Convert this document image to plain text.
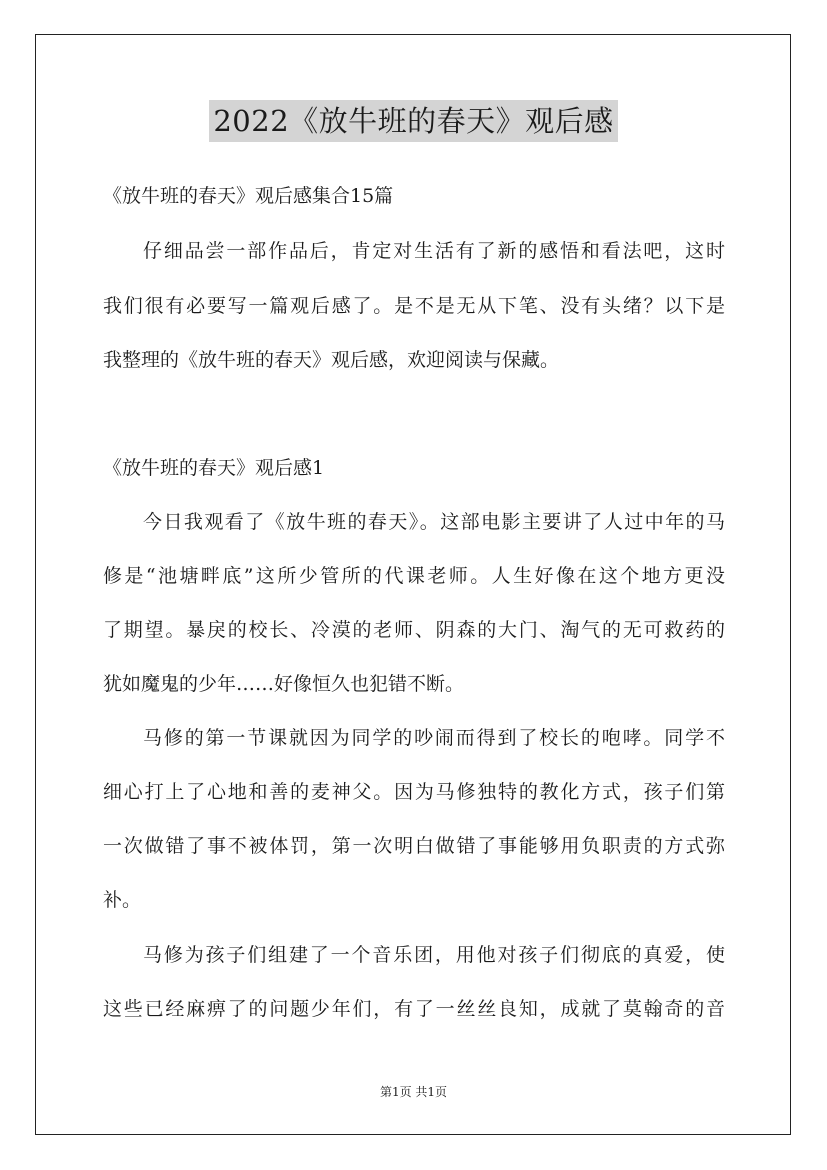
2022《放牛班的春天》观后感
《放牛班的春天》观后感集合15篇
仔细品尝一部作品后，肯定对生活有了新的感悟和看法吧，这时
我们很有必要写一篇观后感了。是不是无从下笔、没有头绪？以下是
我整理的《放牛班的春天》观后感，欢迎阅读与保藏。
《放牛班的春天》观后感1
今日我观看了《放牛班的春天》。这部电影主要讲了人过中年的马
修是“池塘畔底”这所少管所的代课老师。人生好像在这个地方更没
了期望。暴戾的校长、冷漠的老师、阴森的大门、淘气的无可救药的
犹如魔鬼的少年……好像恒久也犯错不断。
马修的第一节课就因为同学的吵闹而得到了校长的咆哮。同学不
细心打上了心地和善的麦神父。因为马修独特的教化方式，孩子们第
一次做错了事不被体罚，第一次明白做错了事能够用负职责的方式弥
补。
马修为孩子们组建了一个音乐团，用他对孩子们彻底的真爱，使
这些已经麻痹了的问题少年们，有了一丝丝良知，成就了莫翰奇的音
第1页 共1页
